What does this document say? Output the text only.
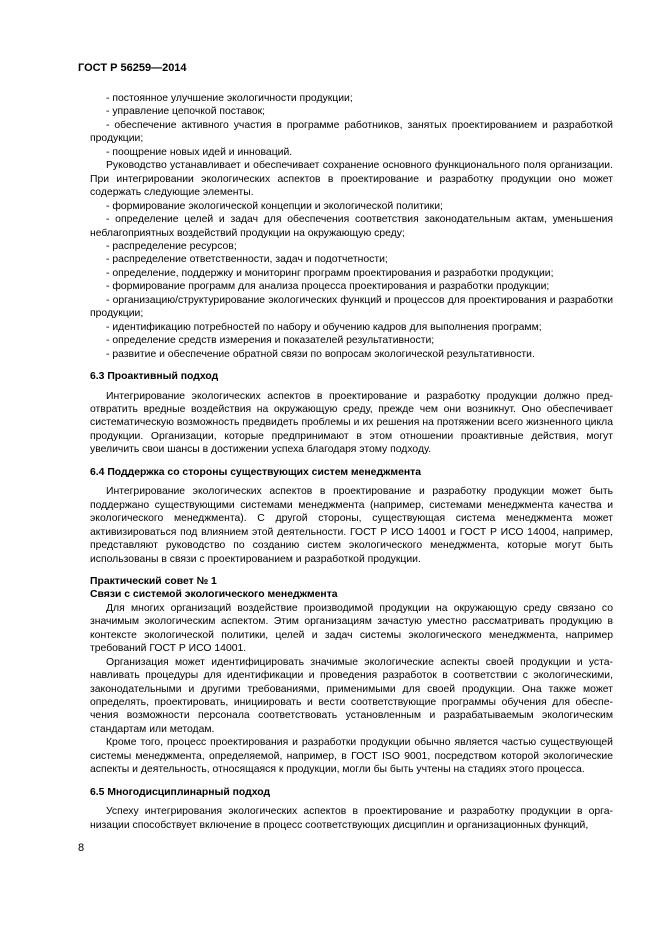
ГОСТ Р 56259—2014

- постоянное улучшение экологичности продукции;

- управление цепочкой поставок;

- обеспечение активного участия в программе работников, занятых проектированием и разработкой продукции;

- поощрение новых идей и инноваций.

Руководство устанавливает и обеспечивает сохранение основного функционального поля организации. При интегрировании экологических аспектов в проектирование и разработку продукции оно может содержать следующие элементы.

- формирование экологической концепции и экологической политики;

- определение целей и задач для обеспечения соответствия законодательным актам, уменьшения неблагоприятных воздействий продукции на окружающую среду;

- распределение ресурсов;

- распределение ответственности, задач и подотчетности;

- определение, поддержку и мониторинг программ проектирования и разработки продукции;

- формирование программ для анализа процесса проектирования и разработки продукции;

- организацию/структурирование экологических функций и процессов для проектирования и разработки продукции;

- идентификацию потребностей по набору и обучению кадров для выполнения программ;

- определение средств измерения и показателей результативности;

- развитие и обеспечение обратной связи по вопросам экологической результативности.

6.3 Проактивный подход

Интегрирование экологических аспектов в проектирование и разработку продукции должно предотвратить вредные воздействия на окружающую среду, прежде чем они возникнут. Оно обеспечивает систематическую возможность предвидеть проблемы и их решения на протяжении всего жизненного цикла продукции. Организации, которые предпринимают в этом отношении проактивные действия, могут увеличить свои шансы в достижении успеха благодаря этому подходу.

6.4 Поддержка со стороны существующих систем менеджмента

Интегрирование экологических аспектов в проектирование и разработку продукции может быть поддержано существующими системами менеджмента (например, системами менеджмента качества и экологического менеджмента). С другой стороны, существующая система менеджмента может активизироваться под влиянием этой деятельности. ГОСТ Р ИСО 14001 и ГОСТ Р ИСО 14004, например, представляют руководство по созданию систем экологического менеджмента, которые могут быть использованы в связи с проектированием и разработкой продукции.

Практический совет № 1

Связи с системой экологического менеджмента

Для многих организаций воздействие производимой продукции на окружающую среду связано со значимым экологическим аспектом. Этим организациям зачастую уместно рассматривать продукцию в контексте экологической политики, целей и задач системы экологического менеджмента, например требований ГОСТ Р ИСО 14001.

Организация может идентифицировать значимые экологические аспекты своей продукции и устанавливать процедуры для идентификации и проведения разработок в соответствии с экологическими, законодательными и другими требованиями, применимыми для своей продукции. Она также может определять, проектировать, инициировать и вести соответствующие программы обучения для обеспечения возможности персонала соответствовать установленным и разрабатываемым экологическим стандартам или методам.

Кроме того, процесс проектирования и разработки продукции обычно является частью существующей системы менеджмента, определяемой, например, в ГОСТ ISO 9001, посредством которой экологические аспекты и деятельность, относящаяся к продукции, могли бы быть учтены на стадиях этого процесса.

6.5 Многодисциплинарный подход

Успеху интегрирования экологических аспектов в проектирование и разработку продукции в организации способствует включение в процесс соответствующих дисциплин и организационных функций,

8
